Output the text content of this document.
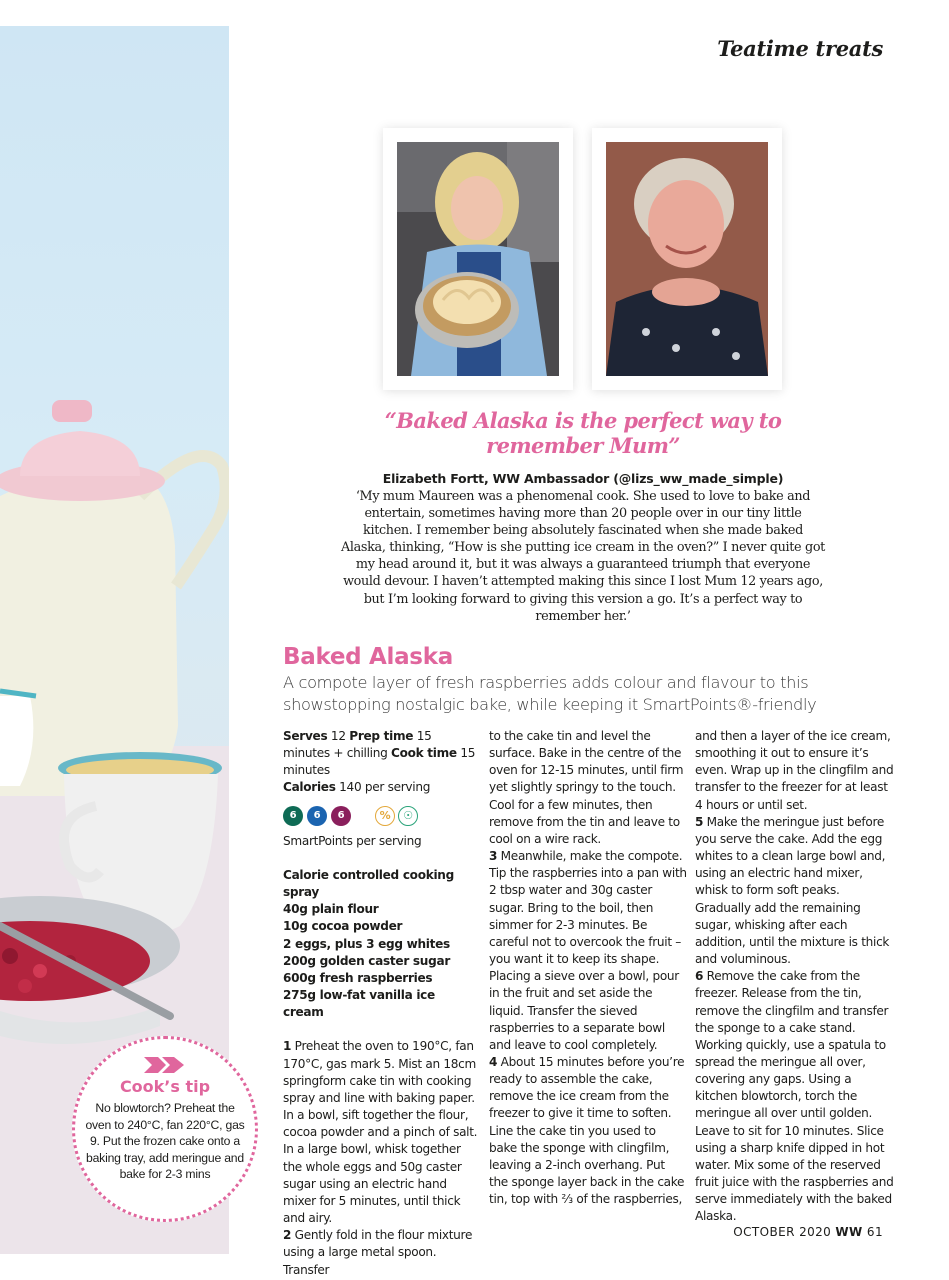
Cook’s tip

No blowtorch? Preheat the oven to 240°C, fan 220°C, gas 9. Put the frozen cake onto a baking tray, add meringue and bake for 2-3 mins

Teatime treats
“Baked Alaska is the perfect way to remember Mum”
Elizabeth Fortt, WW Ambassador (@lizs_ww_made_simple)
‘My mum Maureen was a phenomenal cook. She used to love to bake and entertain, sometimes having more than 20 people over in our tiny little kitchen. I remember being absolutely fascinated when she made baked Alaska, thinking, “How is she putting ice cream in the oven?” I never quite got my head around it, but it was always a guaranteed triumph that everyone would devour. I haven’t attempted making this since I lost Mum 12 years ago, but I’m looking forward to giving this version a go. It’s a perfect way to remember her.’
Baked Alaska
A compote layer of fresh raspberries adds colour and flavour to this showstopping nostalgic bake, while keeping it SmartPoints®-friendly
Serves 12 Prep time 15 minutes + chilling Cook time 15 minutes
Calories 140 per serving
6	6	6	%	☉
SmartPoints per serving
Calorie controlled cooking spray
40g plain flour
10g cocoa powder
2 eggs, plus 3 egg whites
200g golden caster sugar
600g fresh raspberries
275g low-fat vanilla ice cream
1 Preheat the oven to 190°C, fan 170°C, gas mark 5. Mist an 18cm springform cake tin with cooking spray and line with baking paper. In a bowl, sift together the flour, cocoa powder and a pinch of salt. In a large bowl, whisk together the whole eggs and 50g caster sugar using an electric hand mixer for 5 minutes, until thick and airy.
2 Gently fold in the flour mixture using a large metal spoon. Transfer
to the cake tin and level the surface. Bake in the centre of the oven for 12-15 minutes, until firm yet slightly springy to the touch. Cool for a few minutes, then remove from the tin and leave to cool on a wire rack.
3 Meanwhile, make the compote. Tip the raspberries into a pan with 2 tbsp water and 30g caster sugar. Bring to the boil, then simmer for 2-3 minutes. Be careful not to overcook the fruit – you want it to keep its shape. Placing a sieve over a bowl, pour in the fruit and set aside the liquid. Transfer the sieved raspberries to a separate bowl and leave to cool completely.
4 About 15 minutes before you’re ready to assemble the cake, remove the ice cream from the freezer to give it time to soften. Line the cake tin you used to bake the sponge with clingfilm, leaving a 2-inch overhang. Put the sponge layer back in the cake tin, top with ⅔ of the raspberries,
and then a layer of the ice cream, smoothing it out to ensure it’s even. Wrap up in the clingfilm and transfer to the freezer for at least 4 hours or until set.
5 Make the meringue just before you serve the cake. Add the egg whites to a clean large bowl and, using an electric hand mixer, whisk to form soft peaks. Gradually add the remaining sugar, whisking after each addition, until the mixture is thick and voluminous.
6 Remove the cake from the freezer. Release from the tin, remove the clingfilm and transfer the sponge to a cake stand. Working quickly, use a spatula to spread the meringue all over, covering any gaps. Using a kitchen blowtorch, torch the meringue all over until golden. Leave to sit for 10 minutes. Slice using a sharp knife dipped in hot water. Mix some of the reserved fruit juice with the raspberries and serve immediately with the baked Alaska.
OCTOBER 2020 WW 61
